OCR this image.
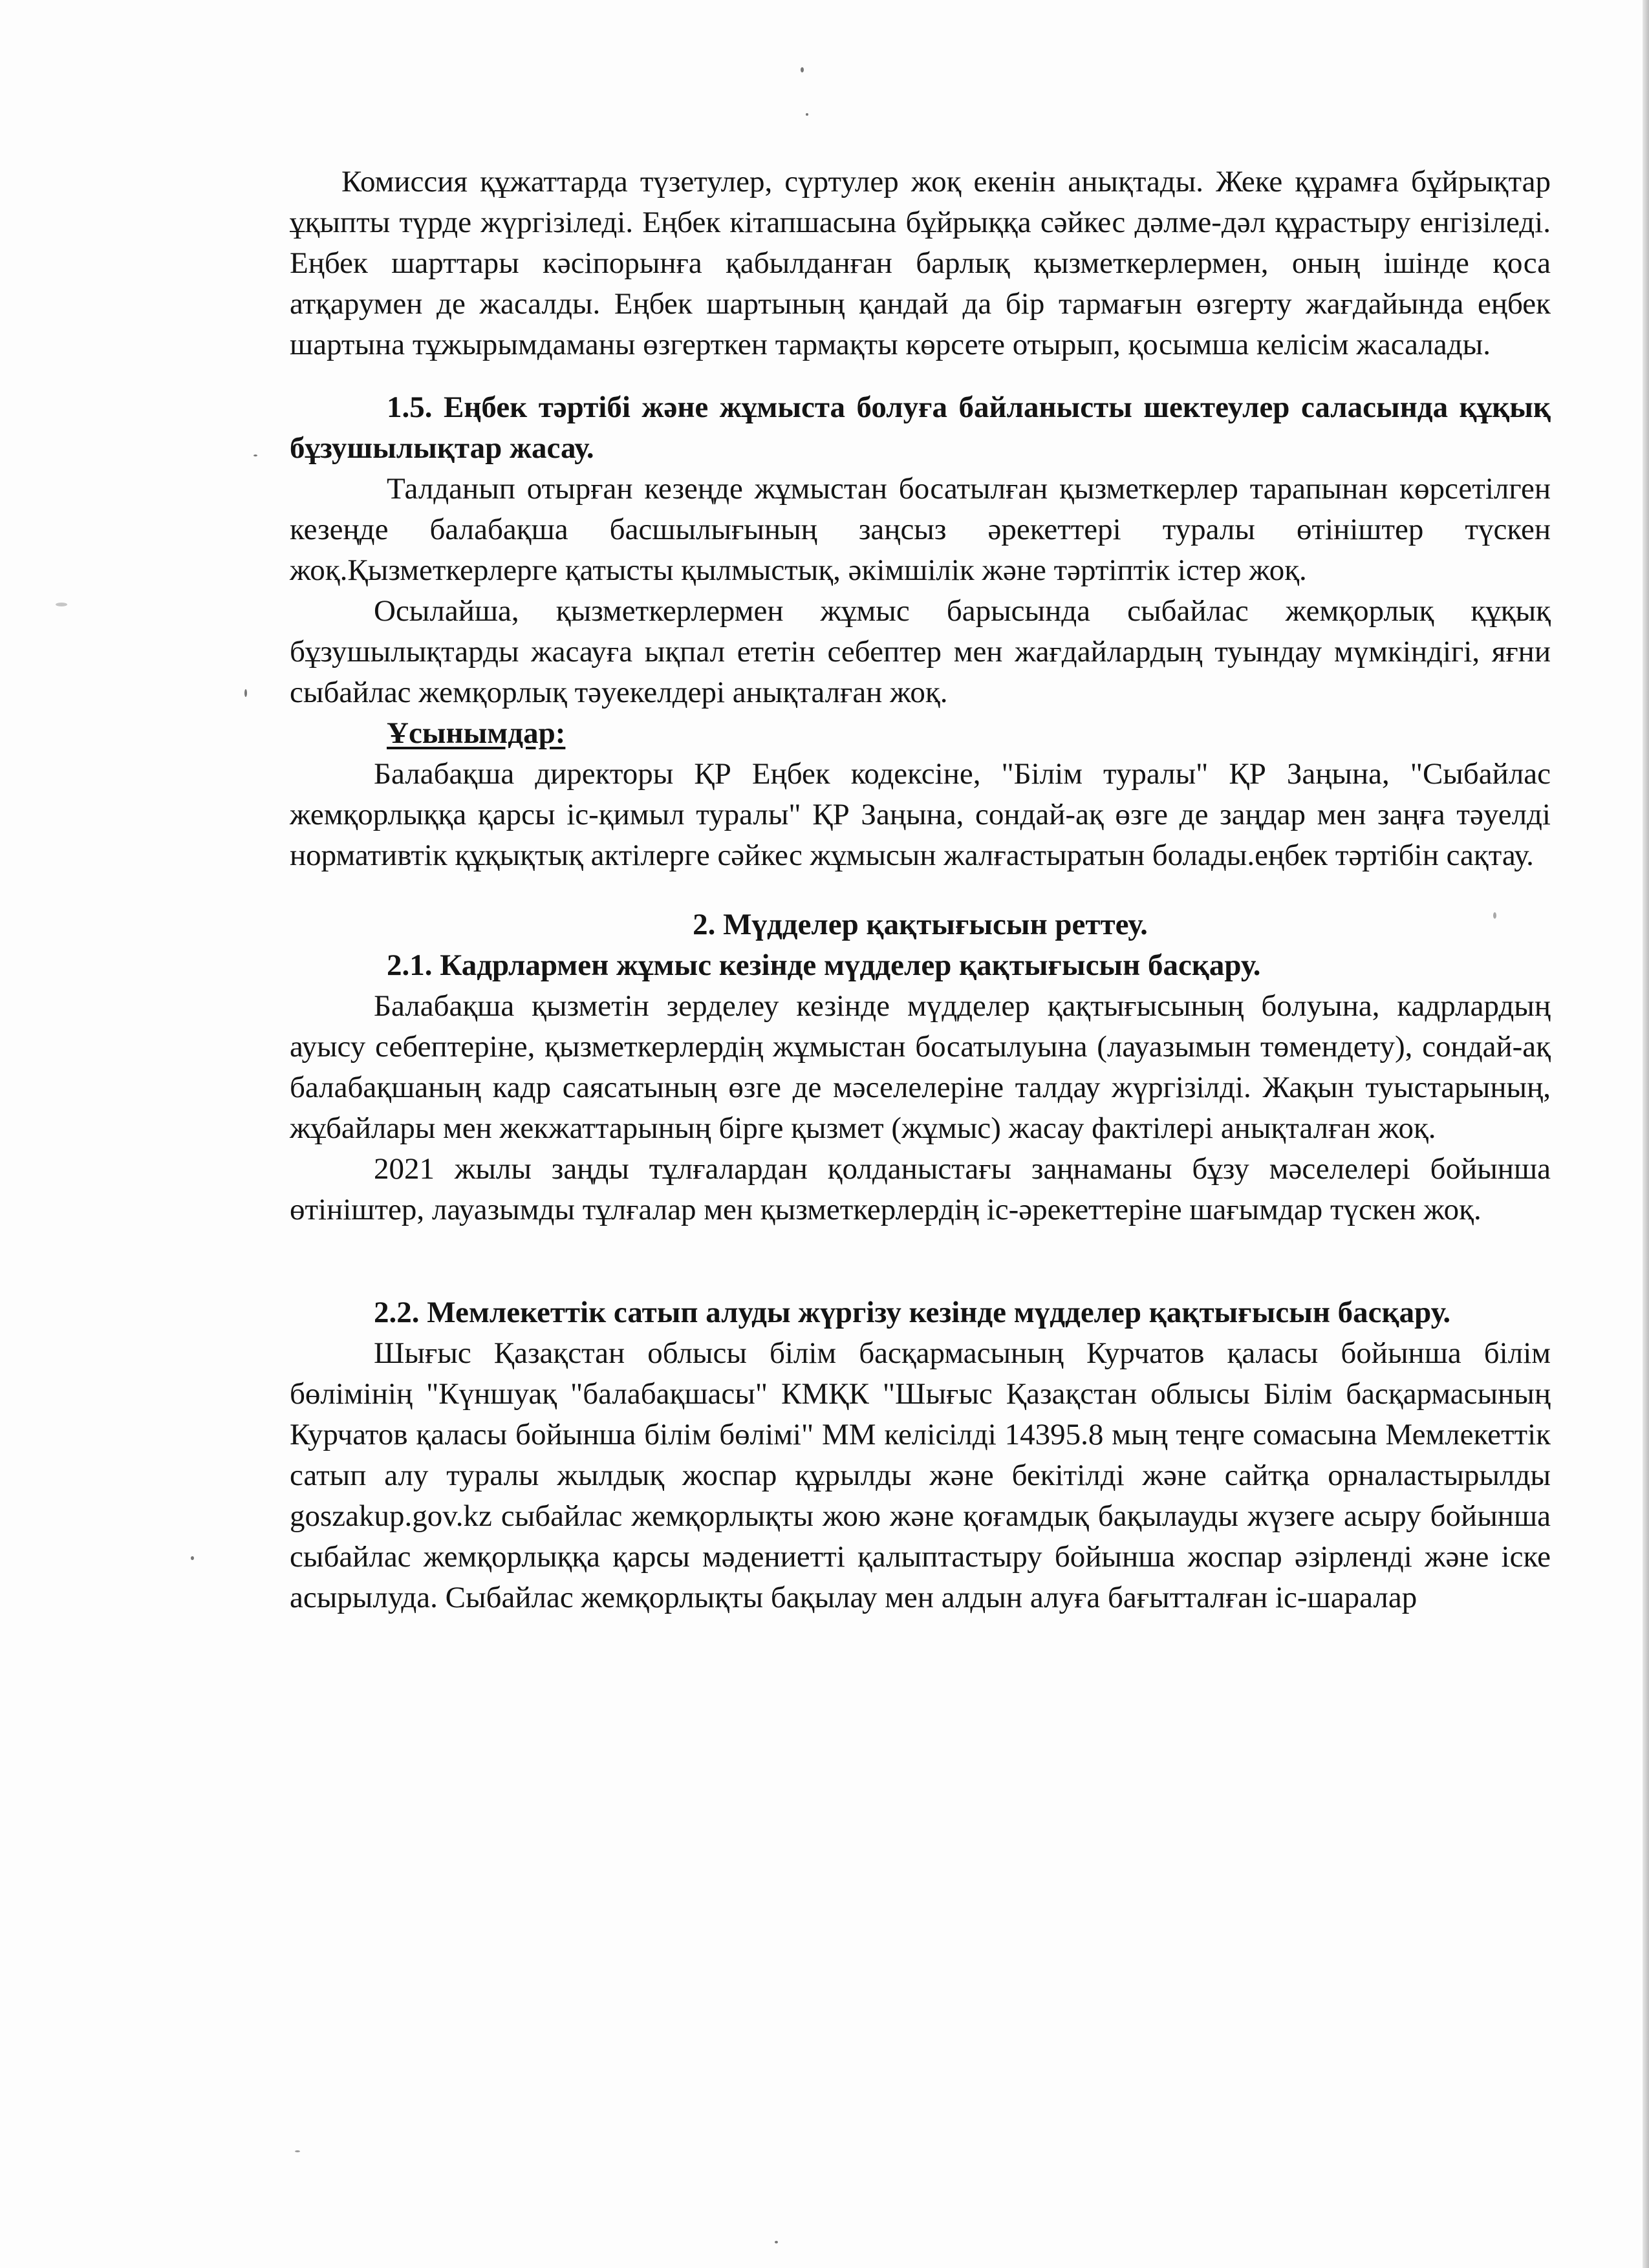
Комиссия құжаттарда түзетулер, сүртулер жоқ екенін анықтады. Жеке құрамға бұйрықтар ұқыпты түрде жүргізіледі. Еңбек кітапшасына бұйрыққа сәйкес дәлме-дәл құрастыру енгізіледі. Еңбек шарттары кәсіпорынға қабылданған барлық қызметкерлермен, оның ішінде қоса атқарумен де жасалды. Еңбек шартының қандай да бір тармағын өзгерту жағдайында еңбек шартына тұжырымдаманы өзгерткен тармақты көрсете отырып, қосымша келісім жасалады.

1.5. Еңбек тәртібі және жұмыста болуға байланысты шектеулер саласында құқық бұзушылықтар жасау.

Талданып отырған кезеңде жұмыстан босатылған қызметкерлер тарапынан көрсетілген кезеңде балабақша басшылығының заңсыз әрекеттері туралы өтініштер түскен жоқ.Қызметкерлерге қатысты қылмыстық, әкімшілік және тәртіптік істер жоқ.

Осылайша, қызметкерлермен жұмыс барысында сыбайлас жемқорлық құқық бұзушылықтарды жасауға ықпал ететін себептер мен жағдайлардың туындау мүмкіндігі, яғни сыбайлас жемқорлық тәуекелдері анықталған жоқ.

Ұсынымдар:

Балабақша директоры ҚР Еңбек кодексіне, "Білім туралы" ҚР Заңына, "Сыбайлас жемқорлыққа қарсы іс-қимыл туралы" ҚР Заңына, сондай-ақ өзге де заңдар мен заңға тәуелді нормативтік құқықтық актілерге сәйкес жұмысын жалғастыратын болады.еңбек тәртібін сақтау.

2. Мүдделер қақтығысын реттеу.

2.1. Кадрлармен жұмыс кезінде мүдделер қақтығысын басқару.

Балабақша қызметін зерделеу кезінде мүдделер қақтығысының болуына, кадрлардың ауысу себептеріне, қызметкерлердің жұмыстан босатылуына (лауазымын төмендету), сондай-ақ балабақшаның кадр саясатының өзге де мәселелеріне талдау жүргізілді. Жақын туыстарының, жұбайлары мен жекжаттарының бірге қызмет (жұмыс) жасау фактілері анықталған жоқ.

2021 жылы заңды тұлғалардан қолданыстағы заңнаманы бұзу мәселелері бойынша өтініштер, лауазымды тұлғалар мен қызметкерлердің іс-әрекеттеріне шағымдар түскен жоқ.

2.2. Мемлекеттік сатып алуды жүргізу кезінде мүдделер қақтығысын басқару.

Шығыс Қазақстан облысы білім басқармасының Курчатов қаласы бойынша білім бөлімінің "Күншуақ "балабақшасы" КМҚК "Шығыс Қазақстан облысы Білім басқармасының Курчатов қаласы бойынша білім бөлімі" ММ келісілді 14395.8 мың теңге сомасына Мемлекеттік сатып алу туралы жылдық жоспар құрылды және бекітілді және сайтқа орналастырылды goszakup.gov.kz сыбайлас жемқорлықты жою және қоғамдық бақылауды жүзеге асыру бойынша сыбайлас жемқорлыққа қарсы мәдениетті қалыптастыру бойынша жоспар әзірленді және іске асырылуда. Сыбайлас жемқорлықты бақылау мен алдын алуға бағытталған іс-шаралар
